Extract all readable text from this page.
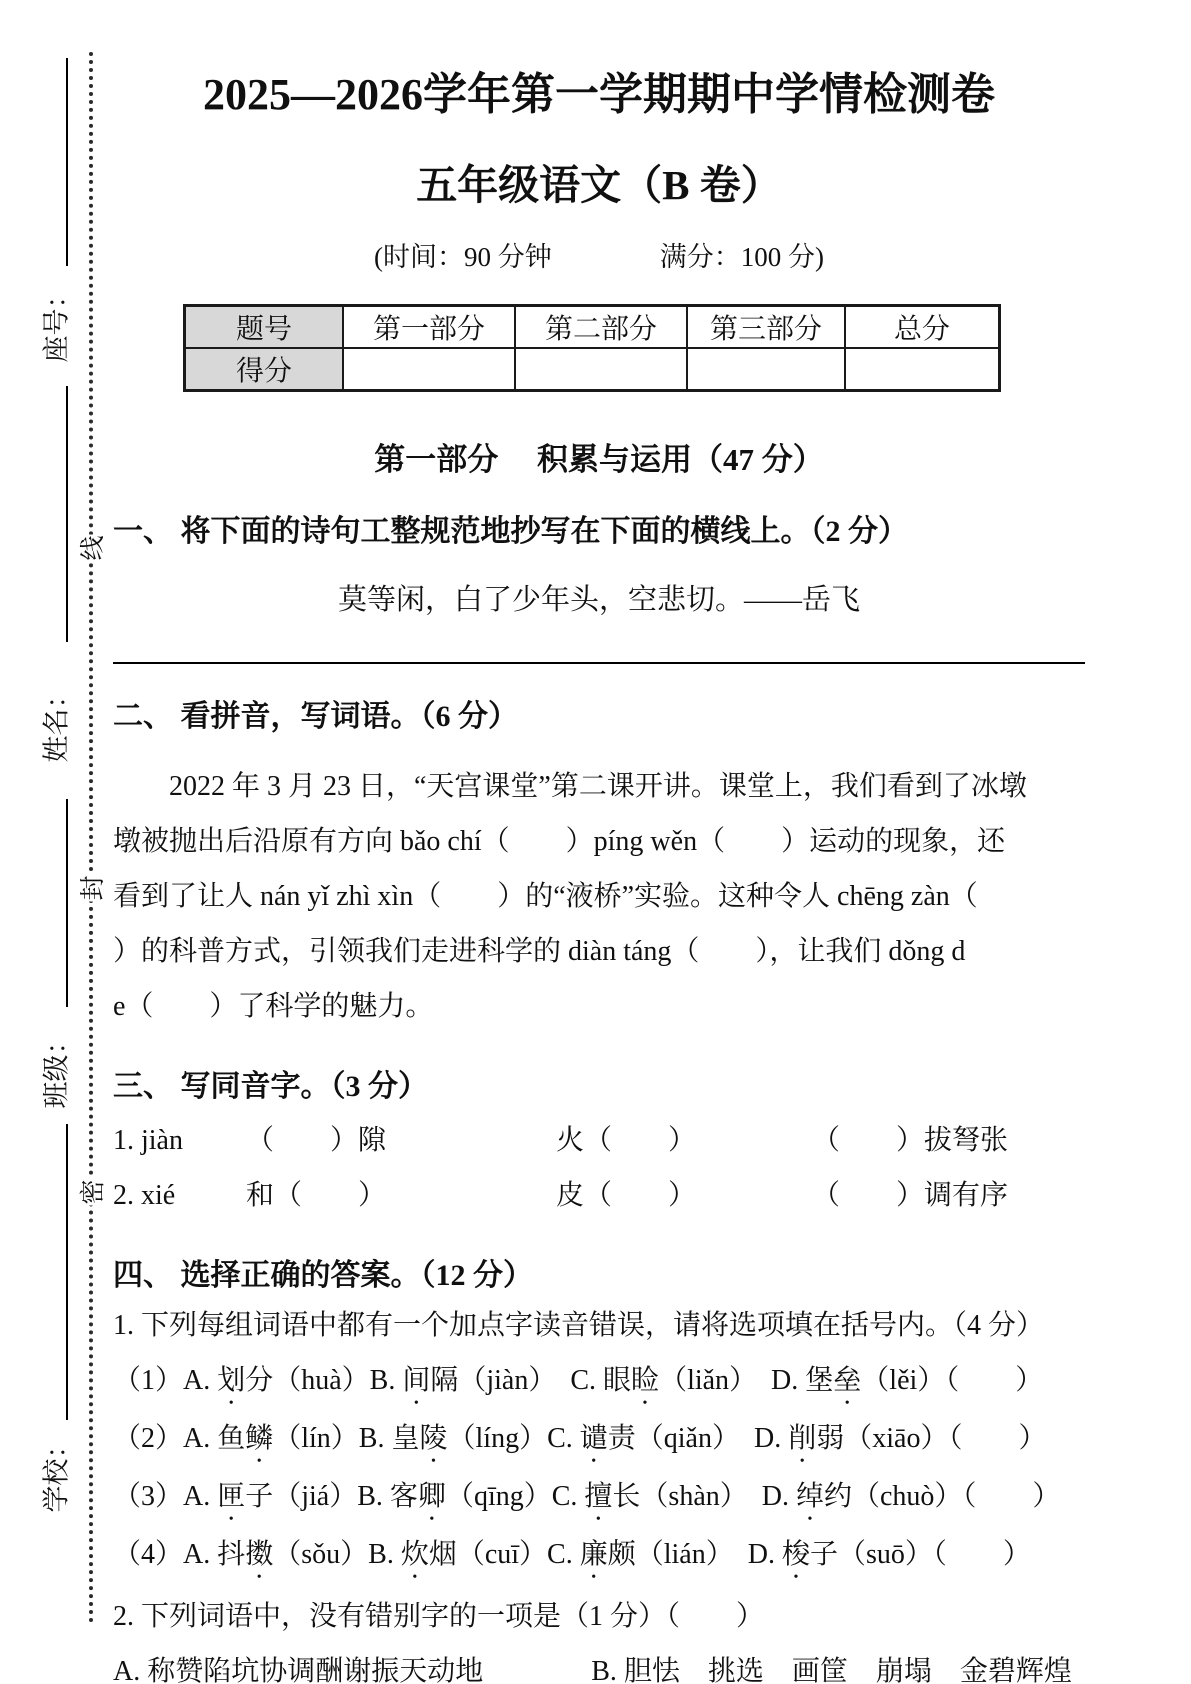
座号：
姓名：
班级：
学校：
线
封
密
2025—2026学年第一学期期中学情检测卷
五年级语文（B 卷）
(时间：90 分钟　　　　满分：100 分)
题号	第一部分	第二部分	第三部分	总分
得分				
第一部分　 积累与运用（47 分）
一、 将下面的诗句工整规范地抄写在下面的横线上。（2 分）
莫等闲，白了少年头，空悲切。——岳飞
二、 看拼音，写词语。（6 分）
　　2022 年 3 月 23 日，“天宫课堂”第二课开讲。课堂上，我们看到了冰墩
墩被抛出后沿原有方向 bǎo chí（　　）píng wěn（　　）运动的现象，还
看到了让人 nán yǐ zhì xìn（　　）的“液桥”实验。这种令人 chēng zàn（
）的科普方式，引领我们走进科学的 diàn táng（　　），让我们 dǒng d
e（　　）了科学的魅力。
三、 写同音字。（3 分）
1. jiàn	（　　）隙	火（　　）	（　　）拔弩张
2. xié	和（　　）	皮（　　）	（　　）调有序
四、 选择正确的答案。（12 分）
1. 下列每组词语中都有一个加点字读音错误，请将选项填在括号内。（4 分）
（1）A. 划分（huà）B. 间隔（jiàn）　C. 眼睑（liǎn）　D. 堡垒（lěi）（　　）
（2）A. 鱼鳞（lín）B. 皇陵（líng）C. 谴责（qiǎn）　D. 削弱（xiāo）（　　）
（3）A. 匣子（jiá）B. 客卿（qīng）C. 擅长（shàn）　D. 绰约（chuò）（　　）
（4）A. 抖擞（sǒu）B. 炊烟（cuī）C. 廉颇（lián）　D. 梭子（suō）（　　）
2. 下列词语中，没有错别字的一项是（1 分）（　　）
A. 称赞陷坑协调酬谢振天动地	B. 胆怯　挑选　画筐　崩塌　金碧辉煌
